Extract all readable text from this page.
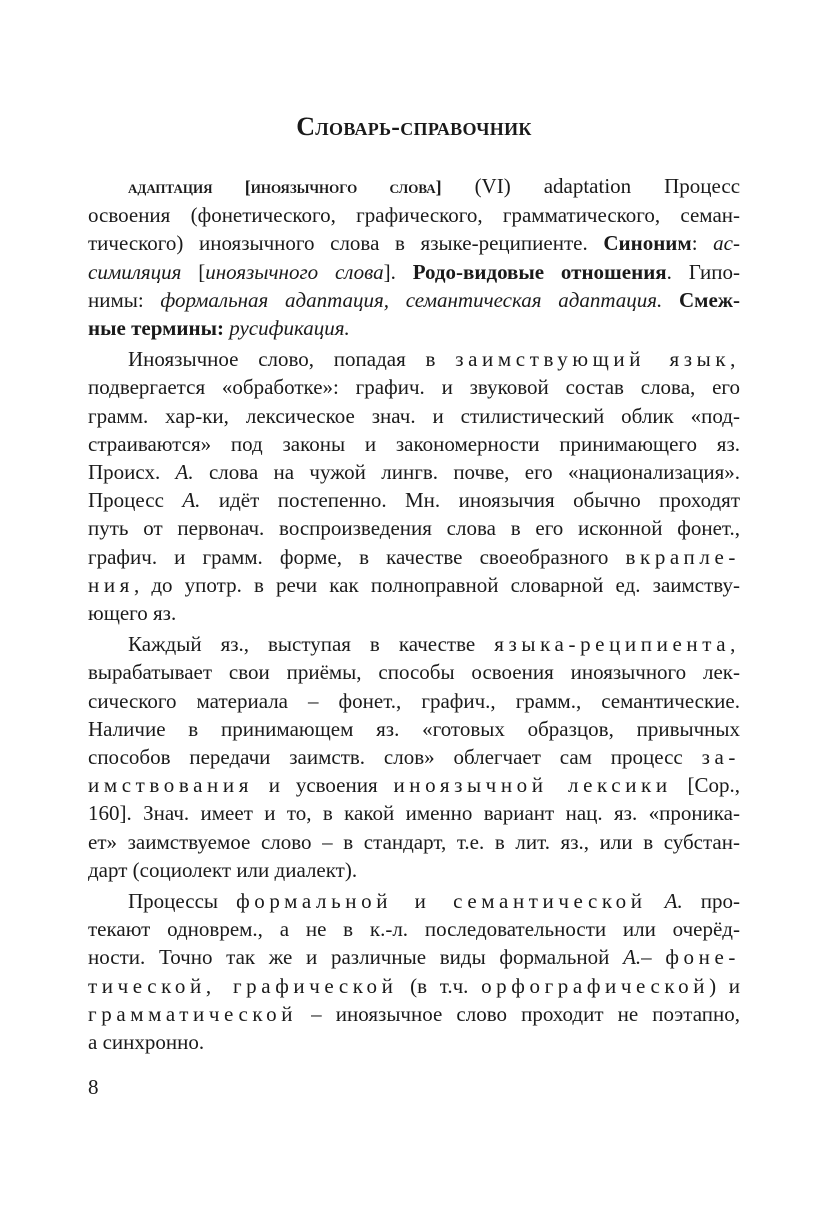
Словарь-справочник
адаптация [иноязычного слова] (VI) adaptation Процесс
освоения (фонетического, графического, грамматического, семан-
тического) иноязычного слова в языке-реципиенте. Синоним: ас-
симиляция [иноязычного слова]. Родо-видовые отношения. Гипо-
нимы: формальная адаптация, семантическая адаптация. Смеж-
ные термины: русификация.
Иноязычное слово, попадая в заимствующий язык,
подвергается «обработке»: графич. и звуковой состав слова, его
грамм. хар-ки, лексическое знач. и стилистический облик «под-
страиваются» под законы и закономерности принимающего яз.
Происх. А. слова на чужой лингв. почве, его «национализация».
Процесс А. идёт постепенно. Мн. иноязычия обычно проходят
путь от первонач. воспроизведения слова в его исконной фонет.,
графич. и грамм. форме, в качестве своеобразного вкрапле-
ния, до употр. в речи как полноправной словарной ед. заимству-
ющего яз.
Каждый яз., выступая в качестве языка-реципиента,
вырабатывает свои приёмы, способы освоения иноязычного лек-
сического материала – фонет., графич., грамм., семантические.
Наличие в принимающем яз. «готовых образцов, привычных
способов передачи заимств. слов» облегчает сам процесс за-
имствования и усвоения иноязычной лексики [Сор.,
160]. Знач. имеет и то, в какой именно вариант нац. яз. «проника-
ет» заимствуемое слово – в стандарт, т.е. в лит. яз., или в субстан-
дарт (социолект или диалект).
Процессы формальной и семантической А. про-
текают одноврем., а не в к.-л. последовательности или очерёд-
ности. Точно так же и различные виды формальной А.– фоне-
тической, графической (в т.ч. орфографической) и
грамматической – иноязычное слово проходит не поэтапно,
а синхронно.
8
